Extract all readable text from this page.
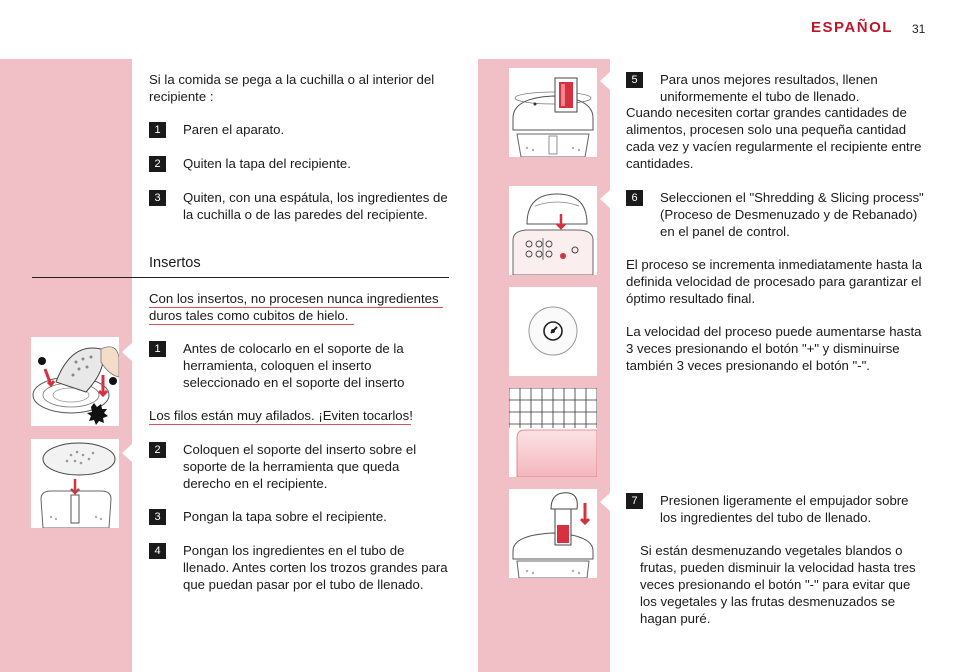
ESPAÑOL 31
Si la comida se pega a la cuchilla o al interior del recipiente :
1	Paren el aparato.
2	Quiten la tapa del recipiente.
3	Quiten, con una espátula, los ingredientes de la cuchilla o de las paredes del recipiente.
Insertos
Con los insertos, no procesen nunca ingredientes duros tales como cubitos de hielo.
1	Antes de colocarlo en el soporte de la herramienta, coloquen el inserto seleccionado en el soporte del inserto
Los filos están muy afilados. ¡Eviten tocarlos!
2	Coloquen el soporte del inserto sobre el soporte de la herramienta que queda derecho en el recipiente.
3	Pongan la tapa sobre el recipiente.
4	Pongan los ingredientes en el tubo de llenado. Antes corten los trozos grandes para que puedan pasar por el tubo de llenado.
5	Para unos mejores resultados, llenen uniformemente el tubo de llenado.
Cuando necesiten cortar grandes cantidades de alimentos, procesen solo una pequeña cantidad cada vez y vacíen regularmente el recipiente entre cantidades.
6	Seleccionen el "Shredding & Slicing process" (Proceso de Desmenuzado y de Rebanado) en el panel de control.
El proceso se incrementa inmediatamente hasta la definida velocidad de procesado para garantizar el óptimo resultado final.
La velocidad del proceso puede aumentarse hasta 3 veces presionando el botón "+" y disminuirse también 3 veces presionando el botón "-".
7	Presionen ligeramente el empujador sobre los ingredientes del tubo de llenado.
Si están desmenuzando vegetales blandos o frutas, pueden disminuir la velocidad hasta tres veces presionando el botón "-" para evitar que los vegetales y las frutas desmenuzados se hagan puré.
